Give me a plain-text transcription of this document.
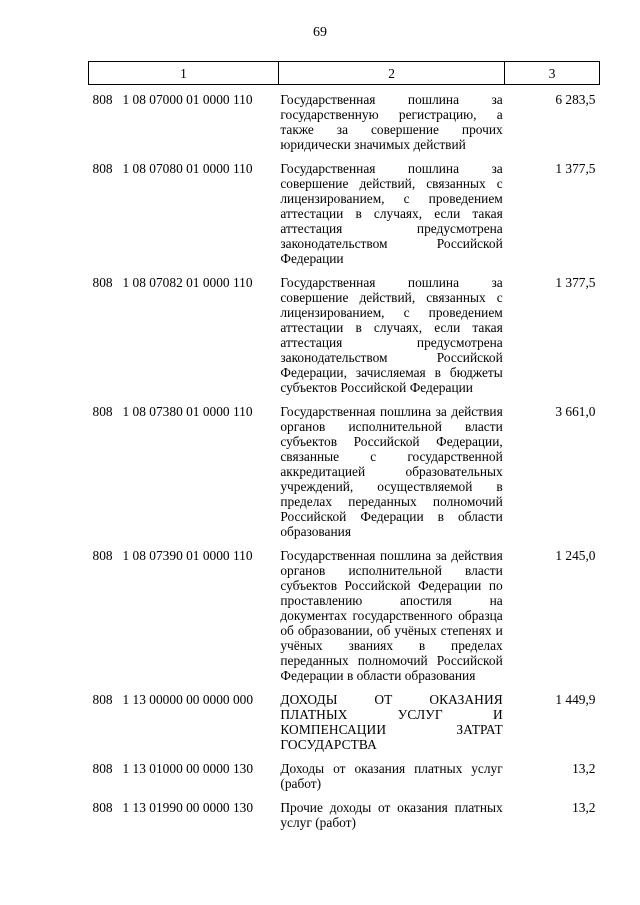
69
1	2	3
808 1 08 07000 01 0000 110	Государственная пошлина за государственную регистрацию, а также за совершение прочих юридически значимых действий	6 283,5
808 1 08 07080 01 0000 110	Государственная пошлина за совершение действий, связанных с лицензированием, с проведением аттестации в случаях, если такая аттестация предусмотрена законодательством Российской Федерации	1 377,5
808 1 08 07082 01 0000 110	Государственная пошлина за совершение действий, связанных с лицензированием, с проведением аттестации в случаях, если такая аттестация предусмотрена законодательством Российской Федерации, зачисляемая в бюджеты субъектов Российской Федерации	1 377,5
808 1 08 07380 01 0000 110	Государственная пошлина за действия органов исполнительной власти субъектов Российской Федерации, связанные с государственной аккредитацией образовательных учреждений, осуществляемой в пределах переданных полномочий Российской Федерации в области образования	3 661,0
808 1 08 07390 01 0000 110	Государственная пошлина за действия органов исполнительной власти субъектов Российской Федерации по проставлению апостиля на документах государственного образца об образовании, об учёных степенях и учёных званиях в пределах переданных полномочий Российской Федерации в области образования	1 245,0
808 1 13 00000 00 0000 000	ДОХОДЫ ОТ ОКАЗАНИЯ ПЛАТНЫХ УСЛУГ И КОМПЕНСАЦИИ ЗАТРАТ ГОСУДАРСТВА	1 449,9
808 1 13 01000 00 0000 130	Доходы от оказания платных услуг (работ)	13,2
808 1 13 01990 00 0000 130	Прочие доходы от оказания платных услуг (работ)	13,2
